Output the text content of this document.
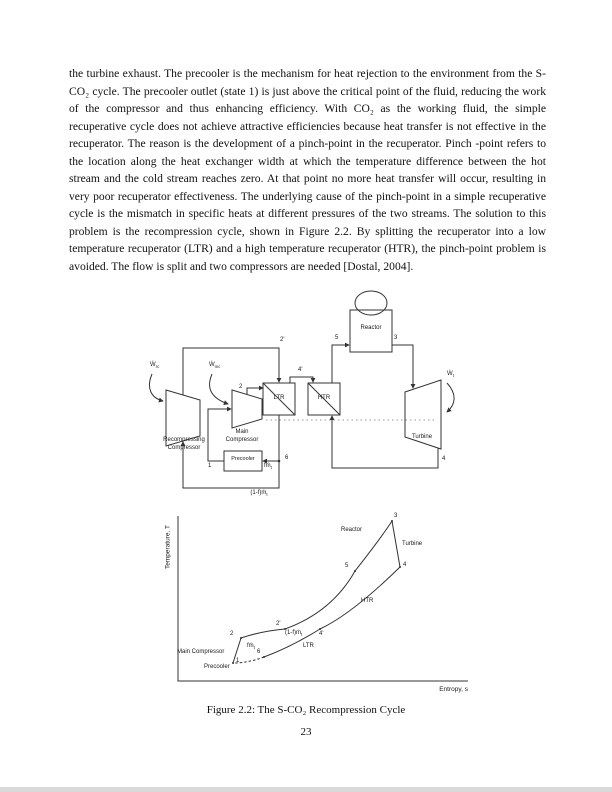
the turbine exhaust. The precooler is the mechanism for heat rejection to the environment from the S-CO₂ cycle. The precooler outlet (state 1) is just above the critical point of the fluid, reducing the work of the compressor and thus enhancing efficiency. With CO₂ as the working fluid, the simple recuperative cycle does not achieve attractive efficiencies because heat transfer is not effective in the recuperator. The reason is the development of a pinch-point in the recuperator. Pinch -point refers to the location along the heat exchanger width at which the temperature difference between the hot stream and the cold stream reaches zero. At that point no more heat transfer will occur, resulting in very poor recuperator effectiveness. The underlying cause of the pinch-point in a simple recuperative cycle is the mismatch in specific heats at different pressures of the two streams. The solution to this problem is the recompression cycle, shown in Figure 2.2. By splitting the recuperator into a low temperature recuperator (LTR) and a high temperature recuperator (HTR), the pinch-point problem is avoided. The flow is split and two compressors are needed [Dostal, 2004].

Ẇ$_{rc}$	Ẇ$_{mc}$
Ẇ$_t$
2'	5	3
Reactor
4'
2
LTR	HTR
Turbine
Main Compressor
Recompressing Compressor
Precooler
1	fṁ$_t$
6	4
(1-f)ṁ$_t$
Temperature, T
Entropy, s
Reactor
3
Turbine
5	4
HTR
2'
(1-f)ṁ$_t$	4'
LTR
2
fṁ$_t$
6
1
Main Compressor
Precooler
Figure 2.2: The S-CO₂ Recompression Cycle
23
